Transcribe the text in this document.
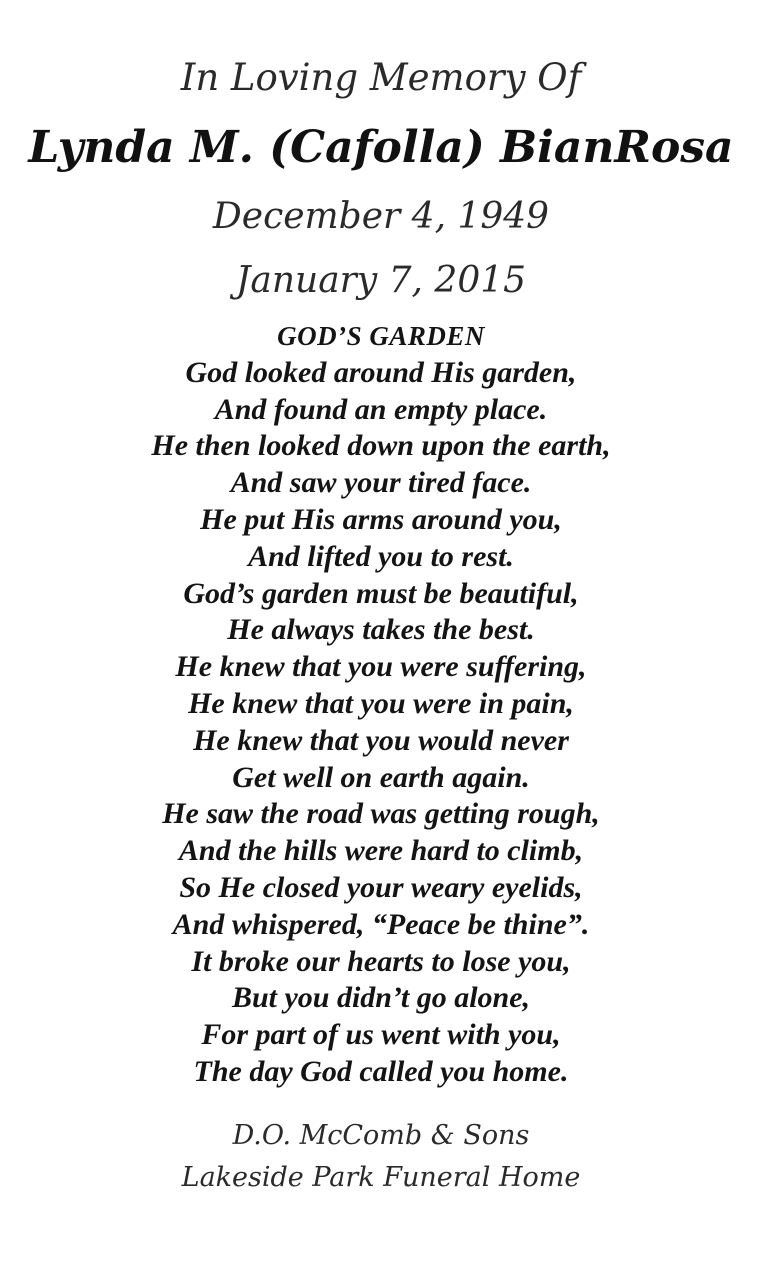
In Loving Memory Of
Lynda M. (Cafolla) BianRosa
December 4, 1949
January 7, 2015
GOD’S GARDEN
God looked around His garden,
And found an empty place.
He then looked down upon the earth,
And saw your tired face.
He put His arms around you,
And lifted you to rest.
God’s garden must be beautiful,
He always takes the best.
He knew that you were suffering,
He knew that you were in pain,
He knew that you would never
Get well on earth again.
He saw the road was getting rough,
And the hills were hard to climb,
So He closed your weary eyelids,
And whispered, “Peace be thine”.
It broke our hearts to lose you,
But you didn’t go alone,
For part of us went with you,
The day God called you home.
D.O. McComb & Sons
Lakeside Park Funeral Home
